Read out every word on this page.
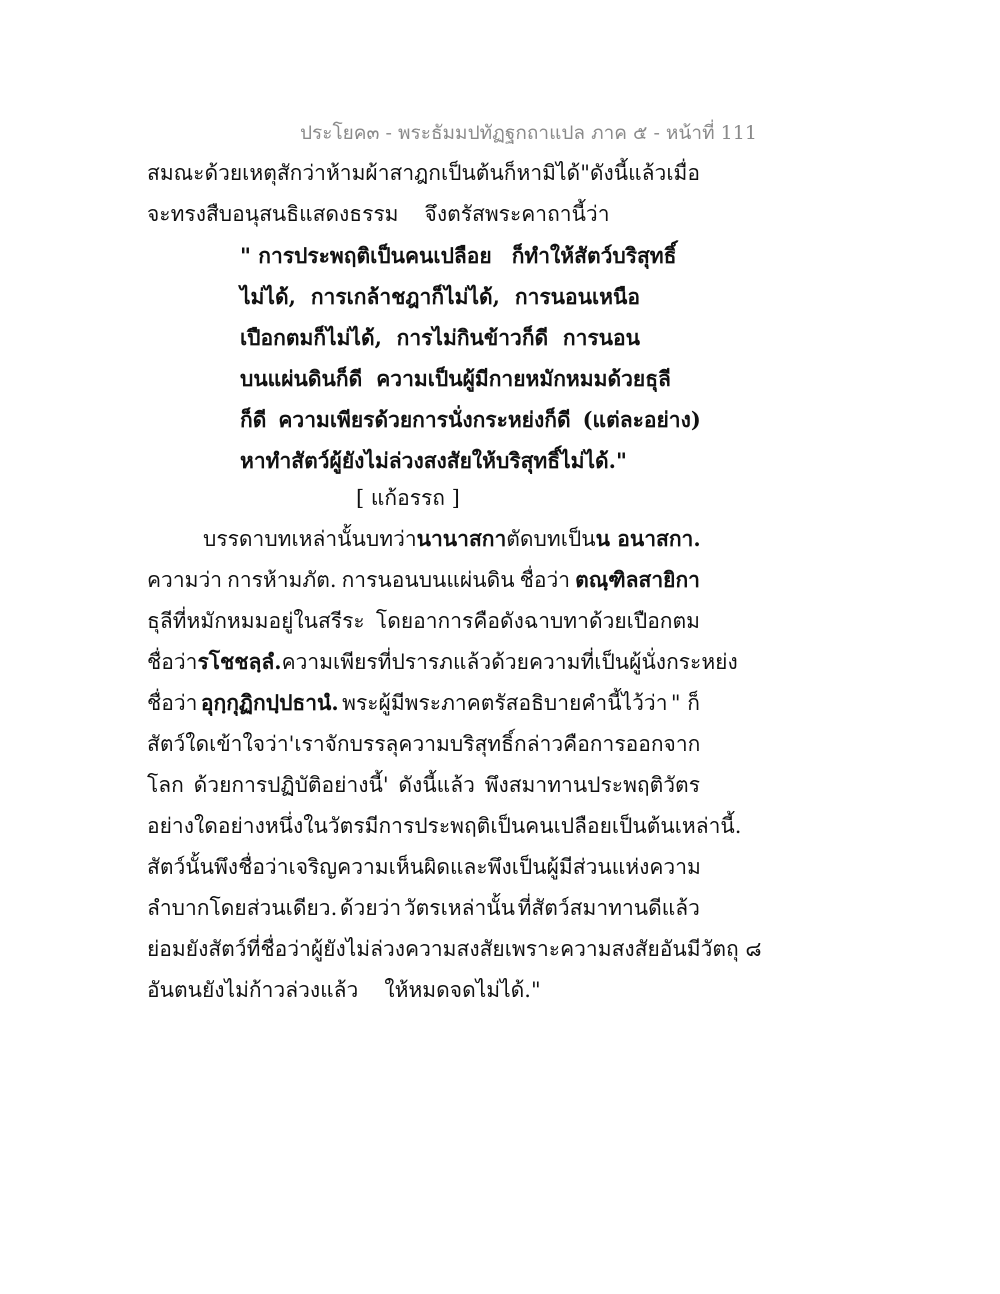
ประโยค๓ - พระธัมมปทัฏฐกถาแปล ภาค ๕ - หน้าที่ 111
สมณะ ด้วยเหตุสักว่าห้ามผ้าสาฎกเป็นต้นก็หามิได้" ดังนี้แล้ว เมื่อ
จะทรงสืบอนุสนธิแสดงธรรม จึงตรัสพระคาถานี้ว่า
" การประพฤติเป็นคนเปลือย ก็ทำให้สัตว์บริสุทธิ์
ไม่ได้, การเกล้าชฎาก็ไม่ได้, การนอนเหนือ
เปือกตมก็ไม่ได้, การไม่กินข้าวก็ดี การนอน
บนแผ่นดินก็ดี ความเป็นผู้มีกายหมักหมมด้วยธุลี
ก็ดี ความเพียรด้วยการนั่งกระหย่งก็ดี (แต่ละอย่าง)
หาทำสัตว์ผู้ยังไม่ล่วงสงสัยให้บริสุทธิ์ไม่ได้."
[ แก้อรรถ ]
บรรดาบทเหล่านั้น บทว่า นานาสกา ตัดบทเป็น น อนาสกา.
ความว่า การห้ามภัต. การนอนบนแผ่นดิน ชื่อว่า ตณฺฑิลสายิกา
ธุลีที่หมักหมมอยู่ในสรีระ โดยอาการคือดังฉาบทาด้วยเปือกตม
ชื่อว่า รโชชลฺลํ. ความเพียรที่ปรารภแล้ว ด้วยความที่เป็นผู้นั่งกระหย่ง
ชื่อว่า อุกฺกุฏิกปฺปธานํ. พระผู้มีพระภาคตรัสอธิบายคำนี้ไว้ว่า " ก็
สัตว์ใด เข้าใจว่า 'เราจักบรรลุความบริสุทธิ์ กล่าวคือการออกจาก
โลก ด้วยการปฏิบัติอย่างนี้' ดังนี้แล้ว พึงสมาทานประพฤติวัตร
อย่างใดอย่างหนึ่ง ในวัตรมีการประพฤติเป็นคนเปลือยเป็นต้น เหล่านี้.
สัตว์นั้น พึงชื่อว่าเจริญความเห็นผิด และพึงเป็นผู้มีส่วนแห่งความ
ลำบากโดยส่วนเดียว. ด้วยว่า วัตรเหล่านั้น ที่สัตว์สมาทานดีแล้ว
ย่อมยังสัตว์ที่ชื่อว่าผู้ยังไม่ล่วงความสงสัย เพราะความสงสัยอันมีวัตถุ ๘
อันตนยังไม่ก้าวล่วงแล้ว ให้หมดจดไม่ได้."
